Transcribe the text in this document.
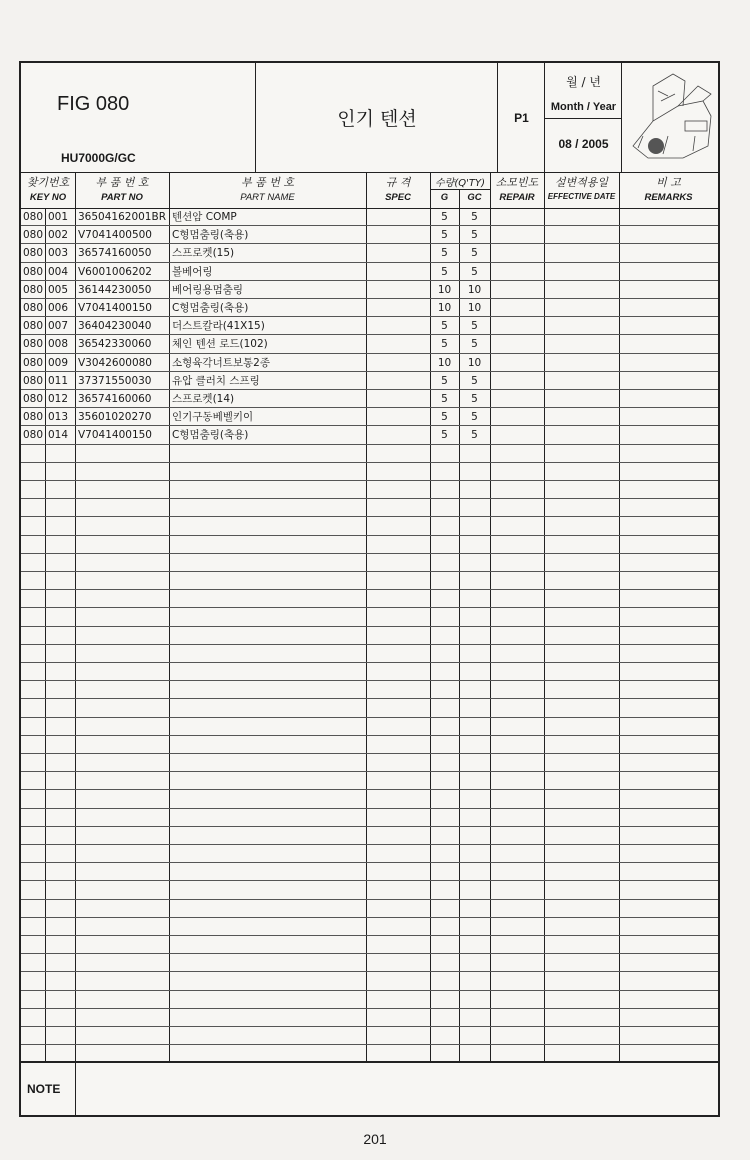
FIG 080
HU7000G/GC
인기 텐션	P1
월 / 년
Month / Year
08 / 2005
찾기번호
KEY NO
부 품 번 호
PART NO
부 품 번 호
PART NAME
규 격
SPEC
수량(Q'TY)
G	GC
소모빈도
REPAIR
설변적용일
EFFECTIVE DATE
비 고
REMARKS
080 001 36504162001BR 텐션암 COMP	5	5
080 002 V7041400500	C형멈춤링(축용)	5	5
080 003 36574160050	스프로켓(15)	5	5
080 004 V6001006202	볼베어링	5	5
080 005 36144230050	베어링용멈춤링	10	10
080 006 V7041400150	C형멈춤링(축용)	10	10
080 007 36404230040	더스트칼라(41X15)	5	5
080 008 36542330060	체인 텐션 로드(102)	5	5
080 009 V3042600080	소형육각너트보통2종	10	10
080 011 37371550030	유압 클러치 스프링	5	5
080 012 36574160060	스프로켓(14)	5	5
080 013 35601020270	인기구동베벨키이	5	5
080 014 V7041400150	C형멈춤링(축용)	5	5
NOTE
201
